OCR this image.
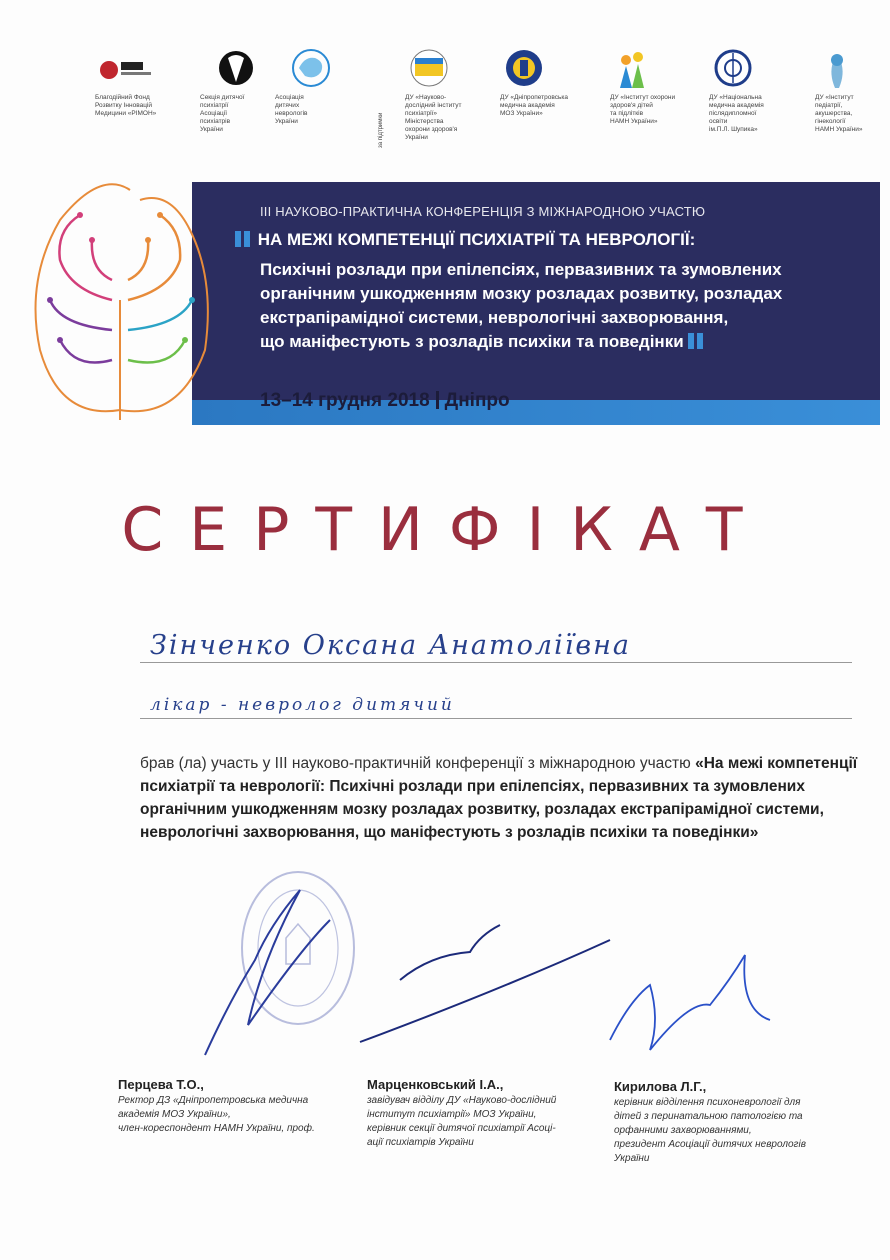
Благодійний Фонд
Розвитку Інновацій
Медицини «РІМОН»
Секція дитячої
психіатрії
Асоціації
психіатрів
України
Асоціація
дитячих
неврологів
України
ДУ «Науково-
дослідний інститут
психіатрії»
Міністерства
охорони здоров'я
України
ДУ «Дніпропетровська
медична академія
МОЗ України»
ДУ «Інститут охорони
здоров'я дітей
та підлітків
НАМН України»
ДУ «Національна
медична академія
післядипломної
освіти
ім.П.Л. Шупика»
ДУ «Інститут
педіатрії,
акушерства,
гінекології
НАМН України»
за підтримки
III НАУКОВО-ПРАКТИЧНА КОНФЕРЕНЦІЯ З МІЖНАРОДНОЮ УЧАСТЮ
НА МЕЖІ КОМПЕТЕНЦІЇ ПСИХІАТРІЇ ТА НЕВРОЛОГІЇ:
Психічні розлади при епілепсіях, первазивних та зумовлених
органічним ушкодженням мозку розладах розвитку, розладах
екстрапірамідної системи, неврологічні захворювання,
що маніфестують з розладів психіки та поведінки
13–14 грудня 2018 Дніпро
СЕРТИФІКАТ
Зінченко Оксана Анатоліївна
лікар - невролог дитячий
брав (ла) участь у III науково-практичній конференції з міжнародною участю «На межі компетенції психіатрії та неврології: Психічні розлади при епілепсіях, первазивних та зумовлених органічним ушкодженням мозку розладах розвитку, розладах екстрапірамідної системи, неврологічні захворювання, що маніфестують з розладів психіки та поведінки»
Перцева Т.О.,
Ректор ДЗ «Дніпропетровська медична
академія МОЗ України»,
член-кореспондент НАМН України, проф.
Марценковський І.А.,
завідувач відділу ДУ «Науково-дослідний
інститут психіатрії» МОЗ України,
керівник секції дитячої психіатрії Асоці-
ації психіатрів України
Кирилова Л.Г.,
керівник відділення психоневрології для
дітей з перинатальною патологією та
орфанними захворюваннями,
президент Асоціації дитячих неврологів
України
